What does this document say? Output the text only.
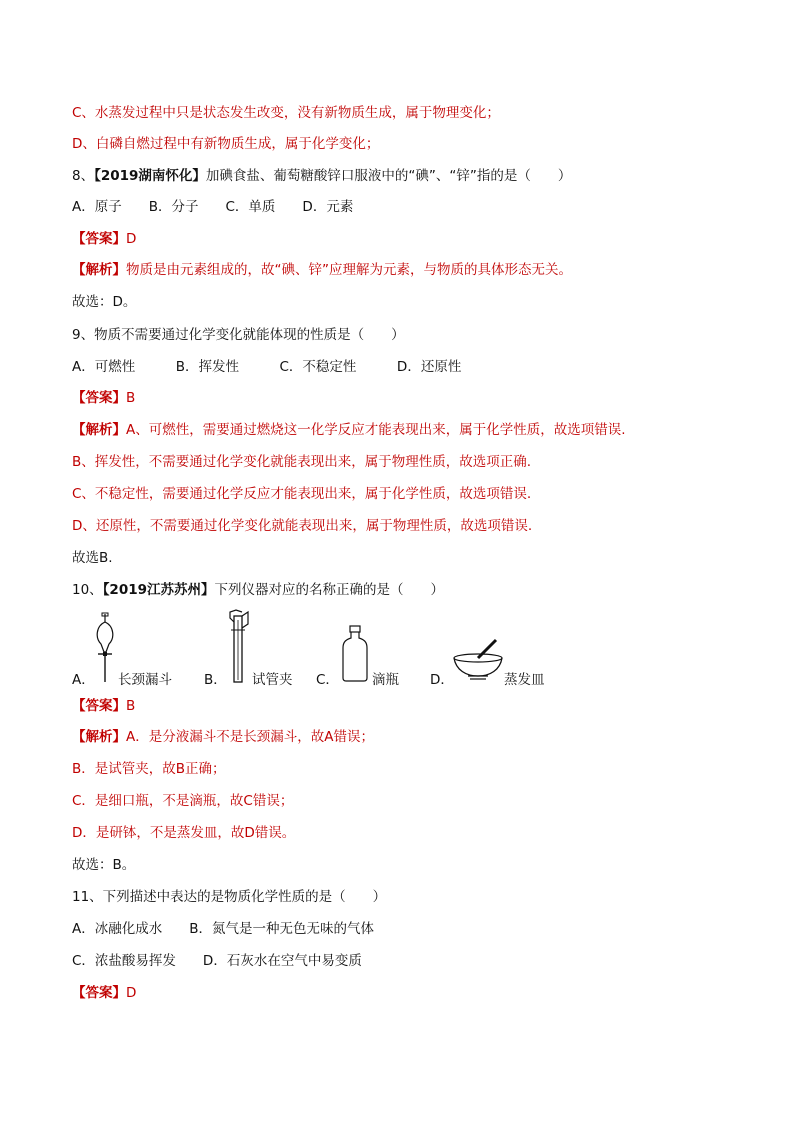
C、水蒸发过程中只是状态发生改变，没有新物质生成，属于物理变化；
D、白磷自燃过程中有新物质生成，属于化学变化；
8、【2019湖南怀化】加碘食盐、葡萄糖酸锌口服液中的“碘”、“锌”指的是（　　）
A．原子　　B．分子　　C．单质　　D．元素
【答案】D
【解析】物质是由元素组成的，故“碘、锌”应理解为元素，与物质的具体形态无关。
故选：D。
9、物质不需要通过化学变化就能体现的性质是（　　）
A．可燃性　　　B．挥发性　　　C．不稳定性　　　D．还原性
【答案】B
【解析】A、可燃性，需要通过燃烧这一化学反应才能表现出来，属于化学性质，故选项错误.
B、挥发性，不需要通过化学变化就能表现出来，属于物理性质，故选项正确.
C、不稳定性，需要通过化学反应才能表现出来，属于化学性质，故选项错误.
D、还原性，不需要通过化学变化就能表现出来，属于物理性质，故选项错误.
故选B.
10、【2019江苏苏州】下列仪器对应的名称正确的是（　　）
A． 长颈漏斗 B． 试管夹 C． 滴瓶 D．	蒸发皿
【答案】B
【解析】A．是分液漏斗不是长颈漏斗，故A错误；
B．是试管夹，故B正确；
C．是细口瓶，不是滴瓶，故C错误；
D．是研钵，不是蒸发皿，故D错误。
故选：B。
11、下列描述中表达的是物质化学性质的是（　　）
A．冰融化成水　　B．氮气是一种无色无味的气体
C．浓盐酸易挥发　　D．石灰水在空气中易变质
【答案】D
